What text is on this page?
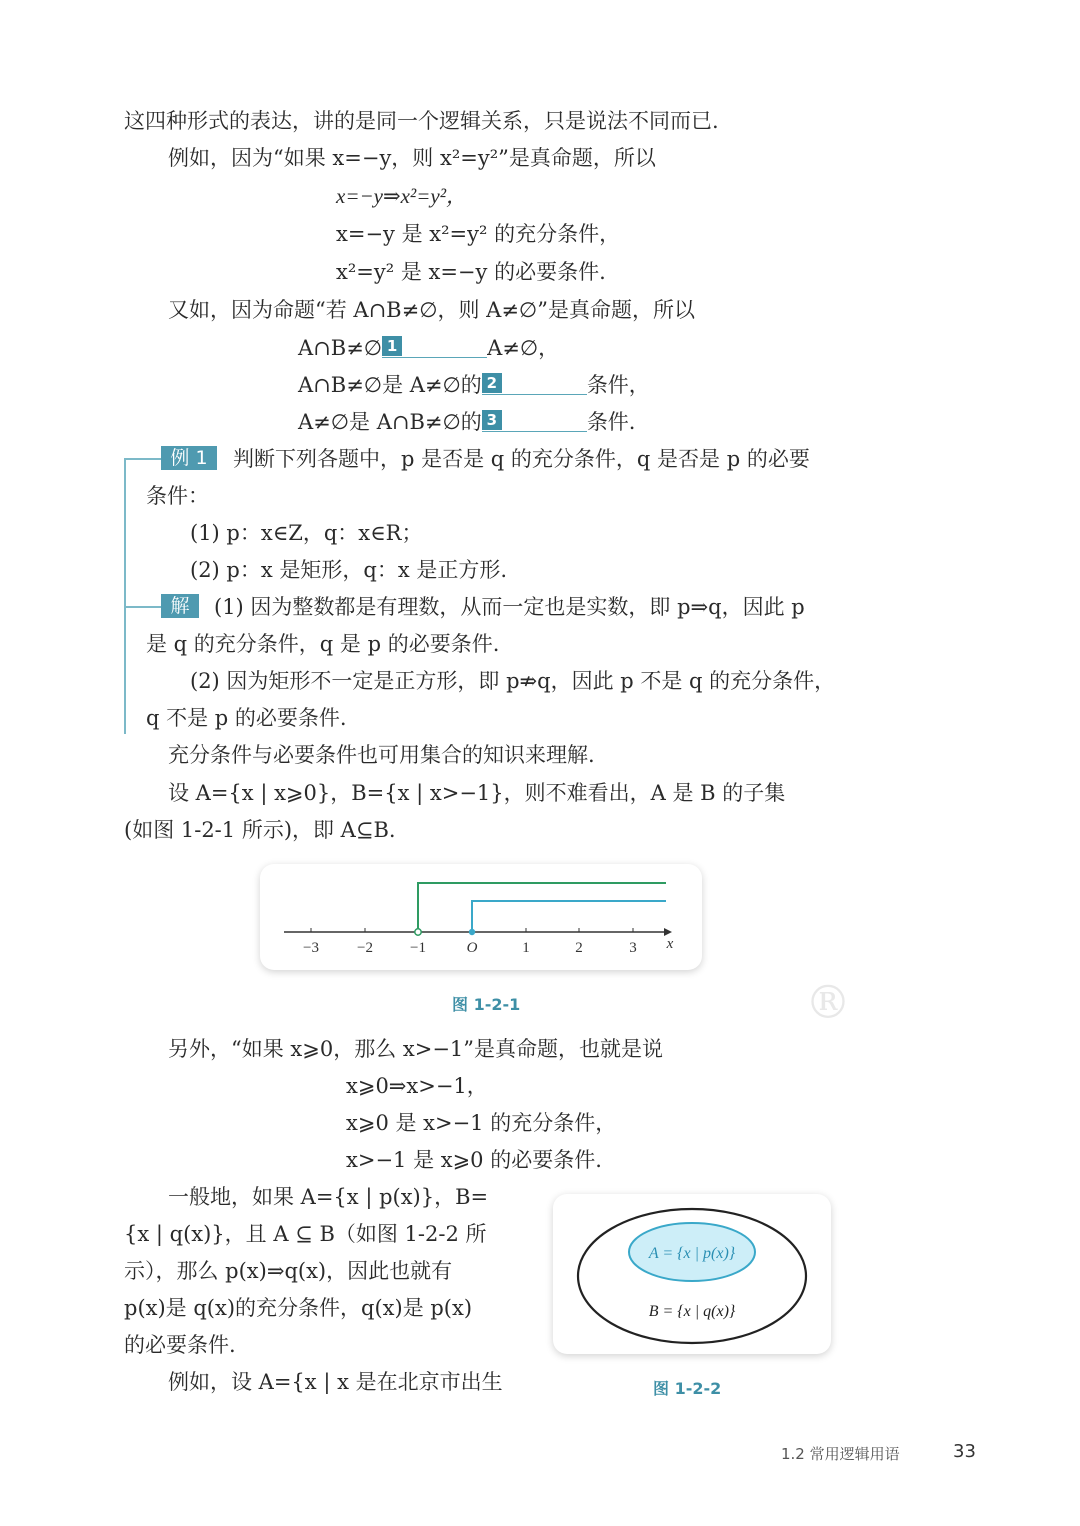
这四种形式的表达，讲的是同一个逻辑关系，只是说法不同而已.
例如，因为“如果 x=−y，则 x²=y²”是真命题，所以
x=−y⇒x²=y²，
x=−y 是 x²=y² 的充分条件，
x²=y² 是 x=−y 的必要条件.
又如，因为命题“若 A∩B≠∅，则 A≠∅”是真命题，所以
A∩B≠∅ 1	A≠∅，
A∩B≠∅是 A≠∅的 2	条件，
A≠∅是 A∩B≠∅的 3	条件.
例 1	判断下列各题中，p 是否是 q 的充分条件，q 是否是 p 的必要
条件：
(1) p：x∈Z，q：x∈R；
(2) p：x 是矩形，q：x 是正方形.
解	(1) 因为整数都是有理数，从而一定也是实数，即 p⇒q，因此 p
是 q 的充分条件，q 是 p 的必要条件.
(2) 因为矩形不一定是正方形，即 p⇏q，因此 p 不是 q 的充分条件，
q 不是 p 的必要条件.
充分条件与必要条件也可用集合的知识来理解.
设 A={x | x⩾0}，B={x | x>−1}，则不难看出，A 是 B 的子集
(如图 1-2-1 所示)，即 A⊆B.
−3	−2 −1	O	1	2	3 x
图 1-2-1	®
另外，“如果 x⩾0，那么 x>−1”是真命题，也就是说
x⩾0⇒x>−1，
x⩾0 是 x>−1 的充分条件，
x>−1 是 x⩾0 的必要条件.
一般地，如果 A={x | p(x)}，B=
{x | q(x)}，且 A ⊆ B（如图 1-2-2 所
示），那么 p(x)⇒q(x)，因此也就有
p(x)是 q(x)的充分条件，q(x)是 p(x)
的必要条件.
例如，设 A={x | x 是在北京市出生
A = {x | p(x)}
B = {x | q(x)}
图 1-2-2
1.2 常用逻辑用语	33
